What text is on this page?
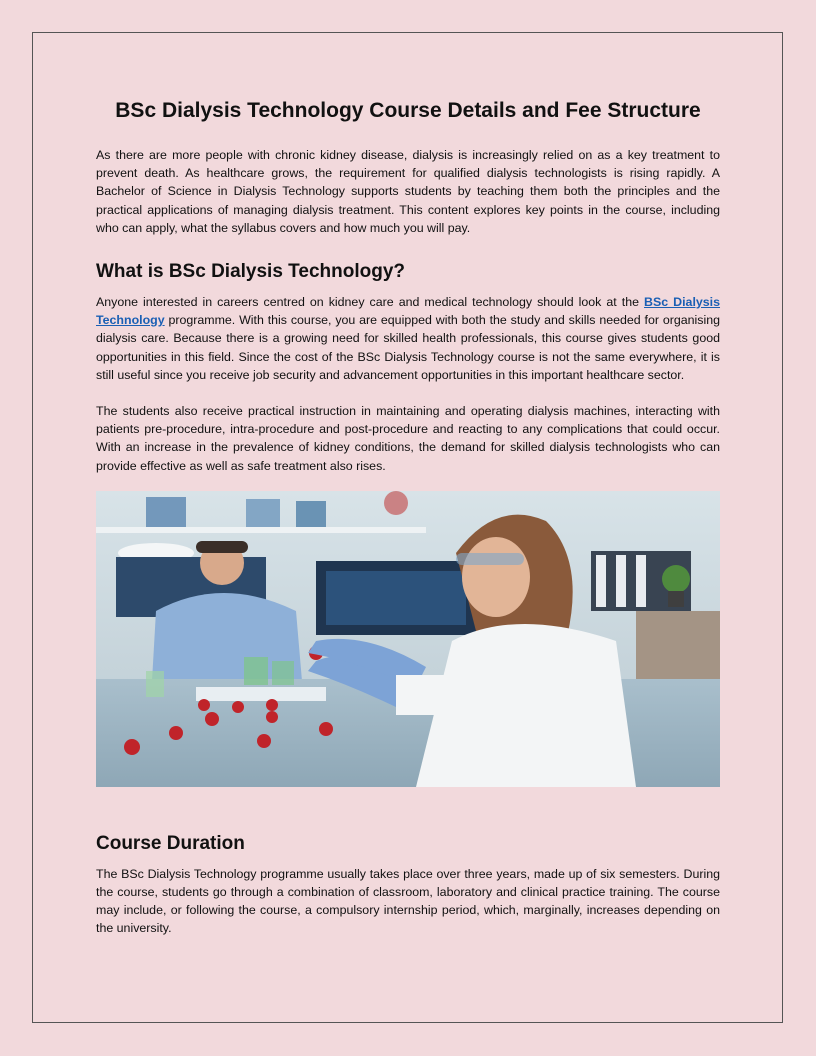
BSc Dialysis Technology Course Details and Fee Structure

As there are more people with chronic kidney disease, dialysis is increasingly relied on as a key treatment to prevent death. As healthcare grows, the requirement for qualified dialysis technologists is rising rapidly. A Bachelor of Science in Dialysis Technology supports students by teaching them both the principles and the practical applications of managing dialysis treatment. This content explores key points in the course, including who can apply, what the syllabus covers and how much you will pay.

What is BSc Dialysis Technology?

Anyone interested in careers centred on kidney care and medical technology should look at the BSc Dialysis Technology programme. With this course, you are equipped with both the study and skills needed for organising dialysis care. Because there is a growing need for skilled health professionals, this course gives students good opportunities in this field. Since the cost of the BSc Dialysis Technology course is not the same everywhere, it is still useful since you receive job security and advancement opportunities in this important healthcare sector.

The students also receive practical instruction in maintaining and operating dialysis machines, interacting with patients pre-procedure, intra-procedure and post-procedure and reacting to any complications that could occur. With an increase in the prevalence of kidney conditions, the demand for skilled dialysis technologists who can provide effective as well as safe treatment also rises.

Course Duration

The BSc Dialysis Technology programme usually takes place over three years, made up of six semesters. During the course, students go through a combination of classroom, laboratory and clinical practice training. The course may include, or following the course, a compulsory internship period, which, marginally, increases depending on the university.
